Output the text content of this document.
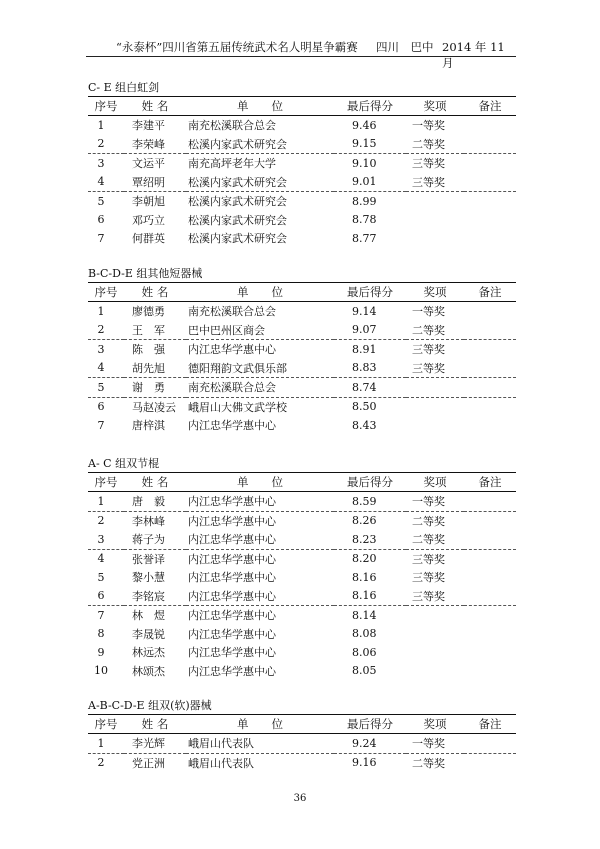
“永泰杯”四川省第五届传统武术名人明星争霸赛 四川　巴中 2014 年 11 月
C- E 组白虹剑
序号	姓 名	单　　位	最后得分	奖项	备注
1	李建平	南充松溪联合总会	9.46	一等奖	
2	李荣峰	松溪内家武术研究会	9.15	二等奖	
3	文运平	南充高坪老年大学	9.10	三等奖	
4	覃绍明	松溪内家武术研究会	9.01	三等奖	
5	李朝旭	松溪内家武术研究会	8.99		
6	邓巧立	松溪内家武术研究会	8.78		
7	何群英	松溪内家武术研究会	8.77		
B-C-D-E 组其他短器械
序号	姓 名	单　　位	最后得分	奖项	备注
1	廖德勇	南充松溪联合总会	9.14	一等奖	
2	王　军	巴中巴州区商会	9.07	二等奖	
3	陈　强	内江忠华学惠中心	8.91	三等奖	
4	胡先旭	德阳翔韵文武俱乐部	8.83	三等奖	
5	谢　勇	南充松溪联合总会	8.74		
6	马赵凌云	峨眉山大佛文武学校	8.50		
7	唐梓淇	内江忠华学惠中心	8.43		
A- C 组双节棍
序号	姓 名	单　　位	最后得分	奖项	备注
1	唐　毅	内江忠华学惠中心	8.59	一等奖	
2	李林峰	内江忠华学惠中心	8.26	二等奖	
3	蒋子为	内江忠华学惠中心	8.23	二等奖	
4	张誉译	内江忠华学惠中心	8.20	三等奖	
5	黎小慧	内江忠华学惠中心	8.16	三等奖	
6	李铭宸	内江忠华学惠中心	8.16	三等奖	
7	林　煜	内江忠华学惠中心	8.14		
8	李晟锐	内江忠华学惠中心	8.08		
9	林远杰	内江忠华学惠中心	8.06		
10	林颂杰	内江忠华学惠中心	8.05		
A-B-C-D-E 组双(软)器械
序号	姓 名	单　　位	最后得分	奖项	备注
1	李光辉	峨眉山代表队	9.24	一等奖	
2	党正洲	峨眉山代表队	9.16	二等奖	
36
